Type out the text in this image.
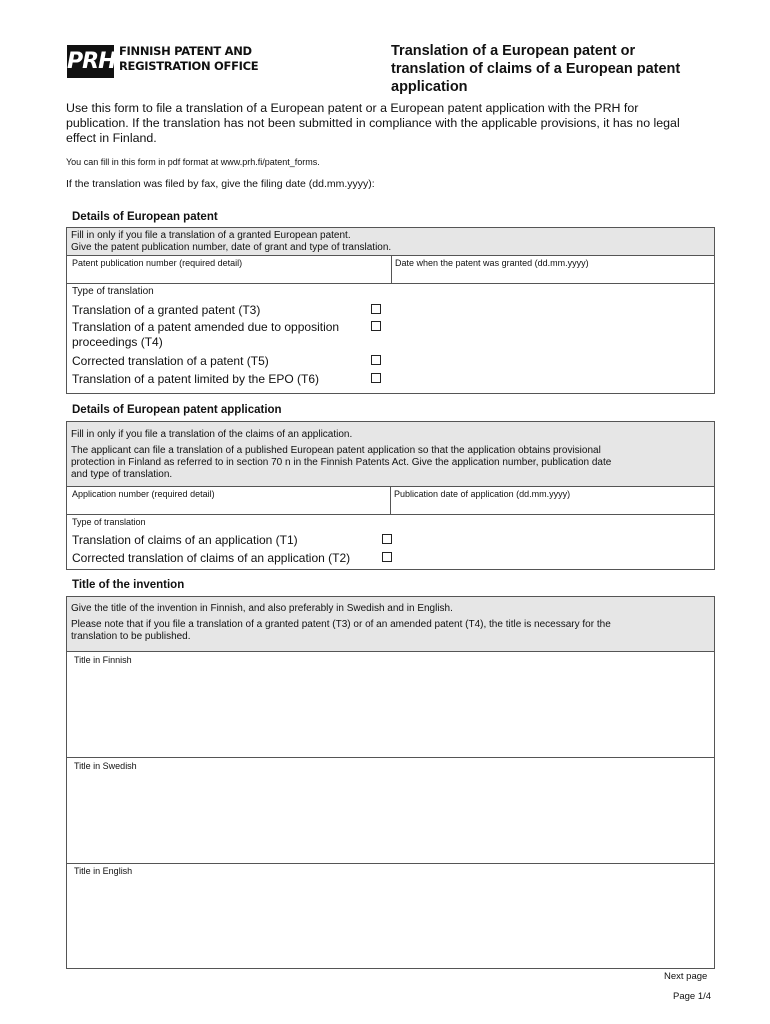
PRH FINNISH PATENT AND
REGISTRATION OFFICE
Translation of a European patent or
translation of claims of a European patent
application
Use this form to file a translation of a European patent or a European patent application with the PRH for
publication. If the translation has not been submitted in compliance with the applicable provisions, it has no legal
effect in Finland.
You can fill in this form in pdf format at www.prh.fi/patent_forms.
If the translation was filed by fax, give the filing date (dd.mm.yyyy):
Details of European patent
Fill in only if you file a translation of a granted European patent.
Give the patent publication number, date of grant and type of translation.
Patent publication number (required detail)	Date when the patent was granted (dd.mm.yyyy)
Type of translation
Translation of a granted patent (T3)
Translation of a patent amended due to opposition
proceedings (T4)
Corrected translation of a patent (T5)
Translation of a patent limited by the EPO (T6)
Details of European patent application
Fill in only if you file a translation of the claims of an application.
The applicant can file a translation of a published European patent application so that the application obtains provisional
protection in Finland as referred to in section 70 n in the Finnish Patents Act. Give the application number, publication date
and type of translation.
Application number (required detail)	Publication date of application (dd.mm.yyyy)
Type of translation
Translation of claims of an application (T1)
Corrected translation of claims of an application (T2)
Title of the invention
Give the title of the invention in Finnish, and also preferably in Swedish and in English.
Please note that if you file a translation of a granted patent (T3) or of an amended patent (T4), the title is necessary for the
translation to be published.
Title in Finnish
Title in Swedish
Title in English
Next page
Page 1/4
